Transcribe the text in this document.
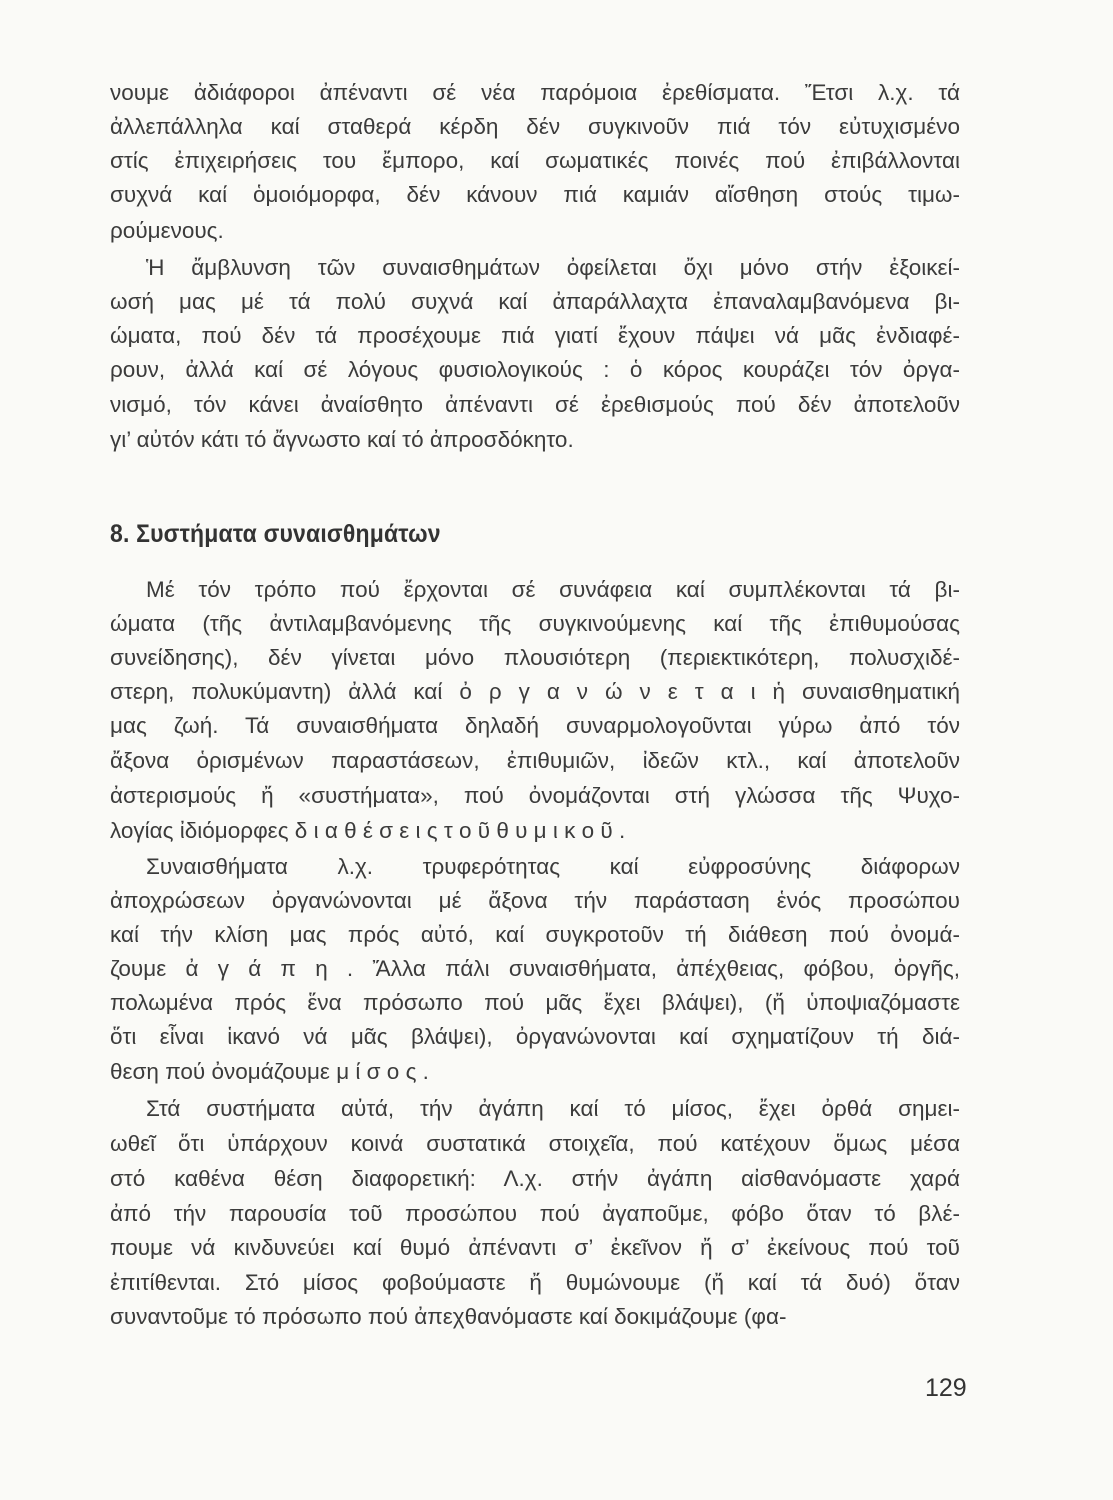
νουμε ἀδιάφοροι ἀπέναντι σέ νέα παρόμοια ἐρεθίσματα. Ἔτσι λ.χ. τά
ἀλλεπάλληλα καί σταθερά κέρδη δέν συγκινοῦν πιά τόν εὐτυχισμένο
στίς ἐπιχειρήσεις του ἔμπορο, καί σωματικές ποινές πού ἐπιβάλλονται
συχνά καί ὁμοιόμορφα, δέν κάνουν πιά καμιάν αἴσθηση στούς τιμω-
ρούμενους.
Ἡ ἄμβλυνση τῶν συναισθημάτων ὀφείλεται ὄχι μόνο στήν ἐξοικεί-
ωσή μας μέ τά πολύ συχνά καί ἀπαράλλαχτα ἐπαναλαμβανόμενα βι-
ώματα, πού δέν τά προσέχουμε πιά γιατί ἔχουν πάψει νά μᾶς ἐνδιαφέ-
ρουν, ἀλλά καί σέ λόγους φυσιολογικούς : ὁ κόρος κουράζει τόν ὀργα-
νισμό, τόν κάνει ἀναίσθητο ἀπέναντι σέ ἐρεθισμούς πού δέν ἀποτελοῦν
γι’ αὐτόν κάτι τό ἄγνωστο καί τό ἀπροσδόκητο.
Μέ τόν τρόπο πού ἔρχονται σέ συνάφεια καί συμπλέκονται τά βι-
ώματα (τῆς ἀντιλαμβανόμενης τῆς συγκινούμενης καί τῆς ἐπιθυμούσας
συνείδησης), δέν γίνεται μόνο πλουσιότερη (περιεκτικότερη, πολυσχιδέ-
στερη, πολυκύμαντη) ἀλλά καί ὀ ρ γ α ν ώ ν ε τ α ι ἡ συναισθηματική
μας ζωή. Τά συναισθήματα δηλαδή συναρμολογοῦνται γύρω ἀπό τόν
ἄξονα ὁρισμένων παραστάσεων, ἐπιθυμιῶν, ἰδεῶν κτλ., καί ἀποτελοῦν
ἀστερισμούς ἤ «συστήματα», πού ὀνομάζονται στή γλώσσα τῆς Ψυχο-
λογίας ἰδιόμορφες δ ι α θ έ σ ε ι ς τ ο ῦ θ υ μ ι κ ο ῦ .
Συναισθήματα λ.χ. τρυφερότητας καί εὐφροσύνης διάφορων
ἀποχρώσεων ὀργανώνονται μέ ἄξονα τήν παράσταση ἑνός προσώπου
καί τήν κλίση μας πρός αὐτό, καί συγκροτοῦν τή διάθεση πού ὀνομά-
ζουμε ἀ γ ά π η . Ἄλλα πάλι συναισθήματα, ἀπέχθειας, φόβου, ὀργῆς,
πολωμένα πρός ἕνα πρόσωπο πού μᾶς ἔχει βλάψει), (ἤ ὑποψιαζόμαστε
ὅτι εἶναι ἱκανό νά μᾶς βλάψει), ὀργανώνονται καί σχηματίζουν τή διά-
θεση πού ὀνομάζουμε μ ί σ ο ς .
Στά συστήματα αὐτά, τήν ἀγάπη καί τό μίσος, ἔχει ὀρθά σημει-
ωθεῖ ὅτι ὑπάρχουν κοινά συστατικά στοιχεῖα, πού κατέχουν ὅμως μέσα
στό καθένα θέση διαφορετική: Λ.χ. στήν ἀγάπη αἰσθανόμαστε χαρά
ἀπό τήν παρουσία τοῦ προσώπου πού ἀγαποῦμε, φόβο ὅταν τό βλέ-
πουμε νά κινδυνεύει καί θυμό ἀπέναντι σ’ ἐκεῖνον ἤ σ’ ἐκείνους πού τοῦ
ἐπιτίθενται. Στό μίσος φοβούμαστε ἤ θυμώνουμε (ἤ καί τά δυό) ὅταν
συναντοῦμε τό πρόσωπο πού ἀπεχθανόμαστε καί δοκιμάζουμε (φα-
8. Συστήματα συναισθημάτων
129
